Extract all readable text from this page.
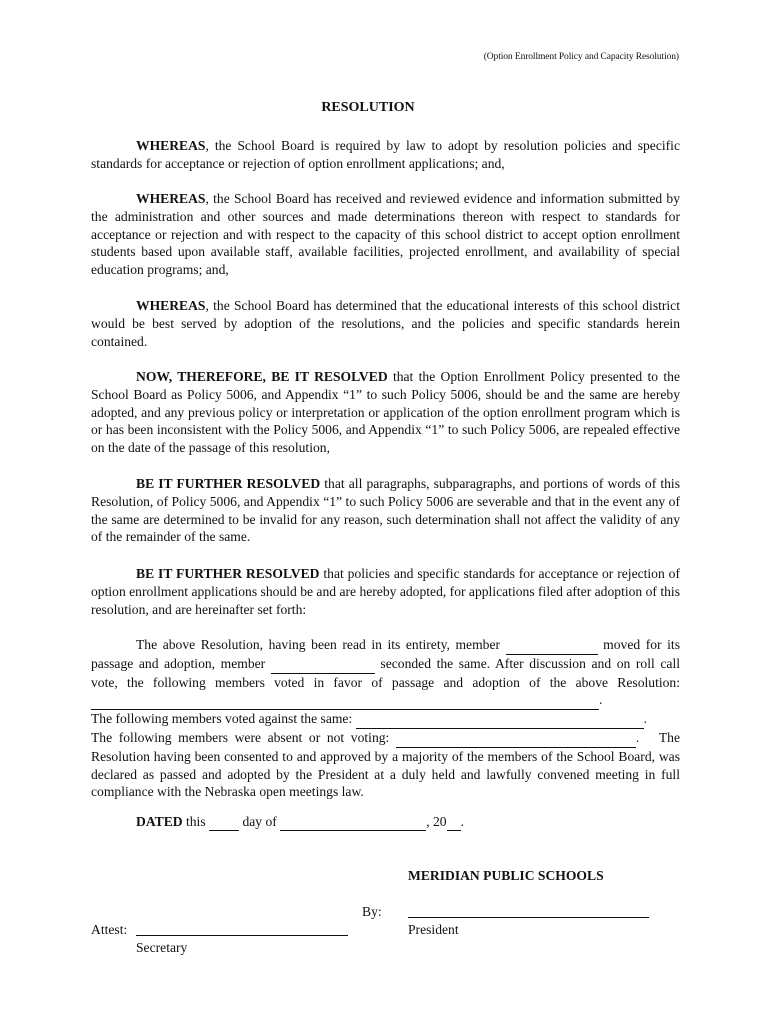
(Option Enrollment Policy and Capacity Resolution)
RESOLUTION

WHEREAS, the School Board is required by law to adopt by resolution policies and specific standards for acceptance or rejection of option enrollment applications; and,

WHEREAS, the School Board has received and reviewed evidence and information submitted by the administration and other sources and made determinations thereon with respect to standards for acceptance or rejection and with respect to the capacity of this school district to accept option enrollment students based upon available staff, available facilities, projected enrollment, and availability of special education programs; and,

WHEREAS, the School Board has determined that the educational interests of this school district would be best served by adoption of the resolutions, and the policies and specific standards herein contained.

NOW, THEREFORE, BE IT RESOLVED that the Option Enrollment Policy presented to the School Board as Policy 5006, and Appendix “1” to such Policy 5006, should be and the same are hereby adopted, and any previous policy or interpretation or application of the option enrollment program which is or has been inconsistent with the Policy 5006, and Appendix “1” to such Policy 5006, are repealed effective on the date of the passage of this resolution,

BE IT FURTHER RESOLVED that all paragraphs, subparagraphs, and portions of words of this Resolution, of Policy 5006, and Appendix “1” to such Policy 5006 are severable and that in the event any of the same are determined to be invalid for any reason, such determination shall not affect the validity of any of the remainder of the same.

BE IT FURTHER RESOLVED that policies and specific standards for acceptance or rejection of option enrollment applications should be and are hereby adopted, for applications filed after adoption of this resolution, and are hereinafter set forth:

The above Resolution, having been read in its entirety, member	moved for its passage and adoption, member	seconded the same. After discussion and on roll call vote, the following members voted in favor of passage and adoption of the above Resolution:  .
The following members voted against the same:	.
The following members were absent or not voting:	.   The Resolution having been consented to and approved by a majority of the members of the School Board, was declared as passed and adopted by the President at a duly held and lawfully convened meeting in full compliance with the Nebraska open meetings law.

DATED this	day of	, 20 .
MERIDIAN PUBLIC SCHOOLS
By:
President
Attest:
Secretary
